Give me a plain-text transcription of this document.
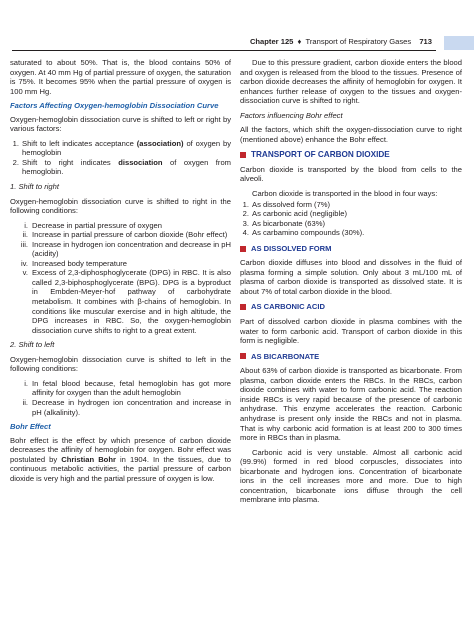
Chapter 125 ♦ Transport of Respiratory Gases 713

saturated to about 50%. That is, the blood contains 50% of oxygen. At 40 mm Hg of partial pressure of oxygen, the saturation is 75%. It becomes 95% when the partial pressure of oxygen is 100 mm Hg.

Factors Affecting Oxygen-hemoglobin Dissociation Curve

Oxygen-hemoglobin dissociation curve is shifted to left or right by various factors:

1. Shift to left indicates acceptance (association) of oxygen by hemoglobin
2. Shift to right indicates dissociation of oxygen from hemoglobin.

1. Shift to right

Oxygen-hemoglobin dissociation curve is shifted to right in the following conditions:

i. Decrease in partial pressure of oxygen
ii. Increase in partial pressure of carbon dioxide (Bohr effect)
iii. Increase in hydrogen ion concentration and decrease in pH (acidity)
iv. Increased body temperature
v. Excess of 2,3-diphosphoglycerate (DPG) in RBC. It is also called 2,3-biphosphoglycerate (BPG). DPG is a byproduct in Embden-Meyer-hof pathway of carbohydrate metabolism. It combines with β-chains of hemoglobin. In conditions like muscular exercise and in high altitude, the DPG increases in RBC. So, the oxygen-hemoglobin dissociation curve shifts to right to a great extent.

2. Shift to left

Oxygen-hemoglobin dissociation curve is shifted to left in the following conditions:

i. In fetal blood because, fetal hemoglobin has got more affinity for oxygen than the adult hemoglobin
ii. Decrease in hydrogen ion concentration and increase in pH (alkalinity).

Bohr Effect

Bohr effect is the effect by which presence of carbon dioxide decreases the affinity of hemoglobin for oxygen. Bohr effect was postulated by Christian Bohr in 1904. In the tissues, due to continuous metabolic activities, the partial pressure of carbon dioxide is very high and the partial pressure of oxygen is low.

Due to this pressure gradient, carbon dioxide enters the blood and oxygen is released from the blood to the tissues. Presence of carbon dioxide decreases the affinity of hemoglobin for oxygen. It enhances further release of oxygen to the tissues and oxygen-dissociation curve is shifted to right.

Factors influencing Bohr effect

All the factors, which shift the oxygen-dissociation curve to right (mentioned above) enhance the Bohr effect.

TRANSPORT OF CARBON DIOXIDE

Carbon dioxide is transported by the blood from cells to the alveoli.

Carbon dioxide is transported in the blood in four ways:

1. As dissolved form (7%)
2. As carbonic acid (negligible)
3. As bicarbonate (63%)
4. As carbamino compounds (30%).
AS DISSOLVED FORM

Carbon dioxide diffuses into blood and dissolves in the fluid of plasma forming a simple solution. Only about 3 mL/100 mL of plasma of carbon dioxide is transported as dissolved state. It is about 7% of total carbon dioxide in the blood.

AS CARBONIC ACID

Part of dissolved carbon dioxide in plasma combines with the water to form carbonic acid. Transport of carbon dioxide in this form is negligible.

AS BICARBONATE

About 63% of carbon dioxide is transported as bicarbonate. From plasma, carbon dioxide enters the RBCs. In the RBCs, carbon dioxide combines with water to form carbonic acid. The reaction inside RBCs is very rapid because of the presence of carbonic anhydrase. This enzyme accelerates the reaction. Carbonic anhydrase is present only inside the RBCs and not in plasma. That is why carbonic acid formation is at least 200 to 300 times more in RBCs than in plasma.

Carbonic acid is very unstable. Almost all carbonic acid (99.9%) formed in red blood corpuscles, dissociates into bicarbonate and hydrogen ions. Concentration of bicarbonate ions in the cell increases more and more. Due to high concentration, bicarbonate ions diffuse through the cell membrane into plasma.
